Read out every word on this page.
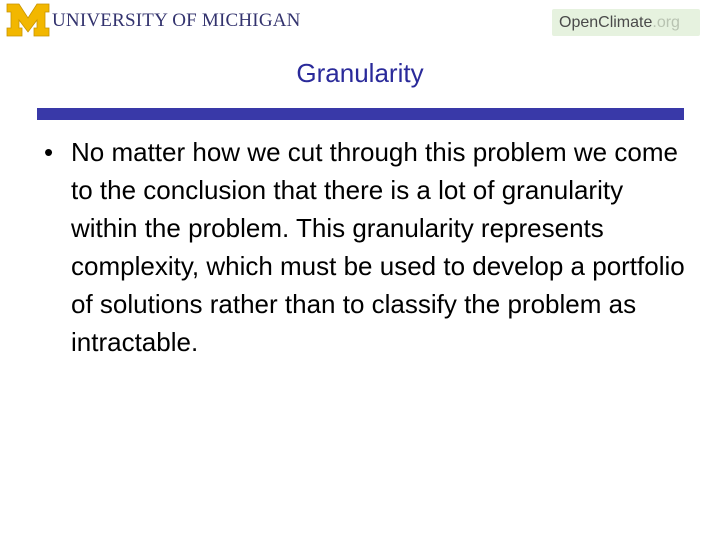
UNIVERSITY OF MICHIGAN	Open Climate .org
Granularity
• No matter how we cut through this problem we come to the conclusion that there is a lot of granularity within the problem. This granularity represents complexity, which must be used to develop a portfolio of solutions rather than to classify the problem as intractable.
